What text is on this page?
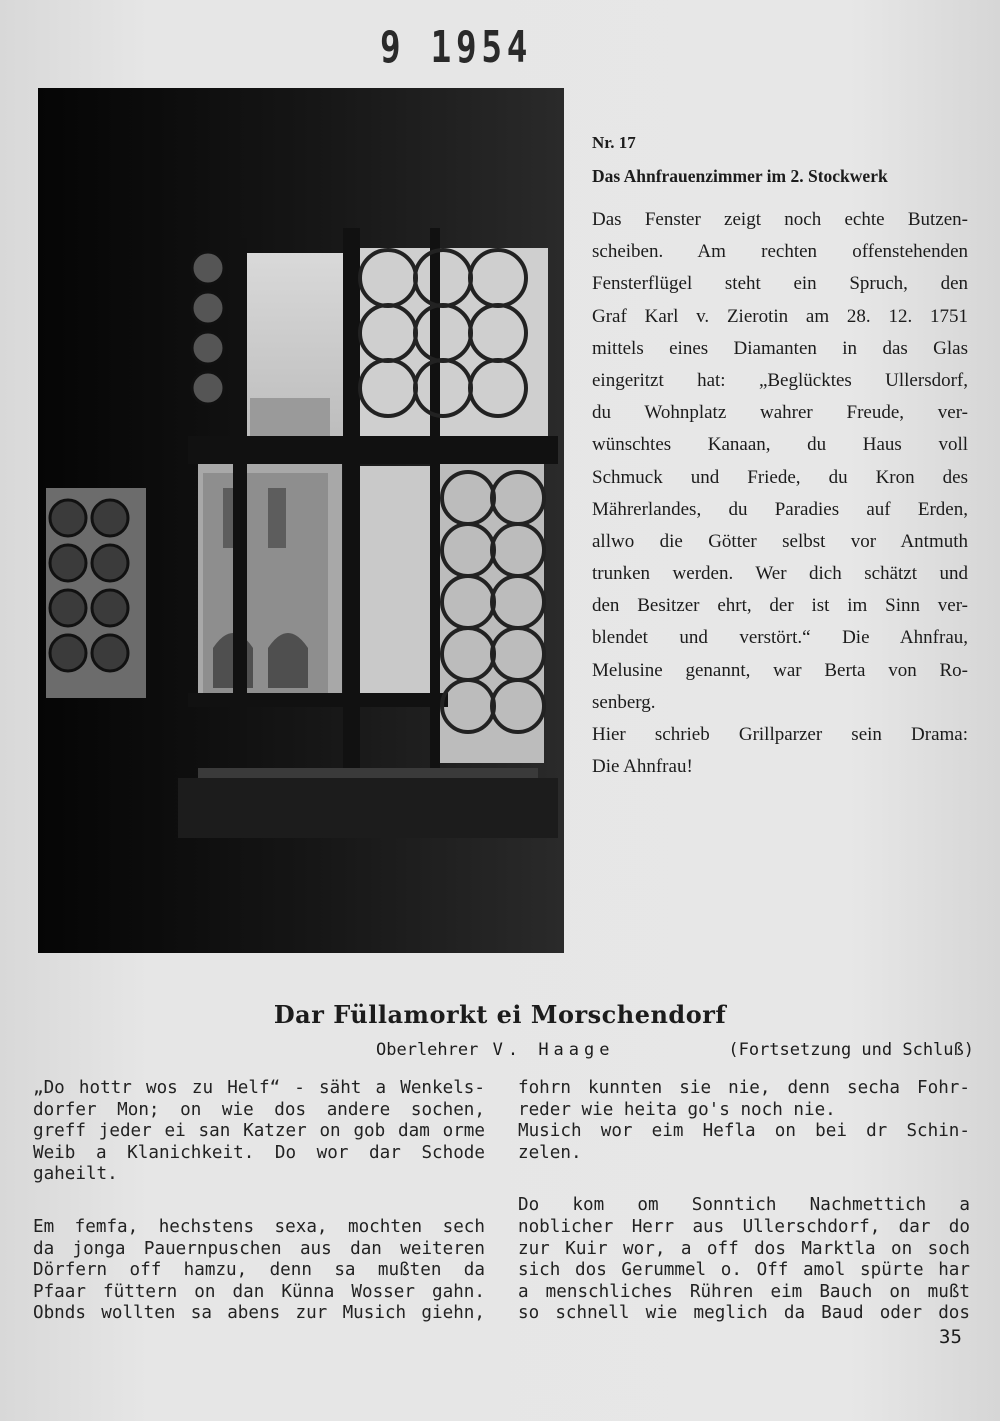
9 1954
Nr. 17
Das Ahnfrauenzimmer im 2. Stockwerk
Das Fenster zeigt noch echte Butzen-
scheiben. Am rechten offenstehenden
Fensterflügel steht ein Spruch, den
Graf Karl v. Zierotin am 28. 12. 1751
mittels eines Diamanten in das Glas
eingeritzt hat: „Beglücktes Ullersdorf,
du Wohnplatz wahrer Freude, ver-
wünschtes Kanaan, du Haus voll
Schmuck und Friede, du Kron des
Mährerlandes, du Paradies auf Erden,
allwo die Götter selbst vor Antmuth
trunken werden. Wer dich schätzt und
den Besitzer ehrt, der ist im Sinn ver-
blendet und verstört.“ Die Ahnfrau,
Melusine genannt, war Berta von Ro-
senberg.
Hier schrieb Grillparzer sein Drama:
Die Ahnfrau!
Dar Füllamorkt ei Morschendorf
Oberlehrer V. Haage	(Fortsetzung und Schluß)
„Do hottr wos zu Helf“ - säht a Wenkels-
dorfer Mon; on wie dos andere sochen,
greff jeder ei san Katzer on gob dam orme
Weib a Klanichkeit. Do wor dar Schode
gaheilt.
Em femfa, hechstens sexa, mochten sech
da jonga Pauernpuschen aus dan weiteren
Dörfern off hamzu, denn sa mußten da
Pfaar füttern on dan Künna Wosser gahn.
Obnds wollten sa abens zur Musich giehn,
fohrn kunnten sie nie, denn secha Fohr-
reder wie heita go's noch nie.
Musich wor eim Hefla on bei dr Schin-
zelen.
Do kom om Sonntich Nachmettich a
noblicher Herr aus Ullerschdorf, dar do
zur Kuir wor, a off dos Marktla on soch
sich dos Gerummel o. Off amol spürte har
a menschliches Rühren eim Bauch on mußt
so schnell wie meglich da Baud oder dos
35
